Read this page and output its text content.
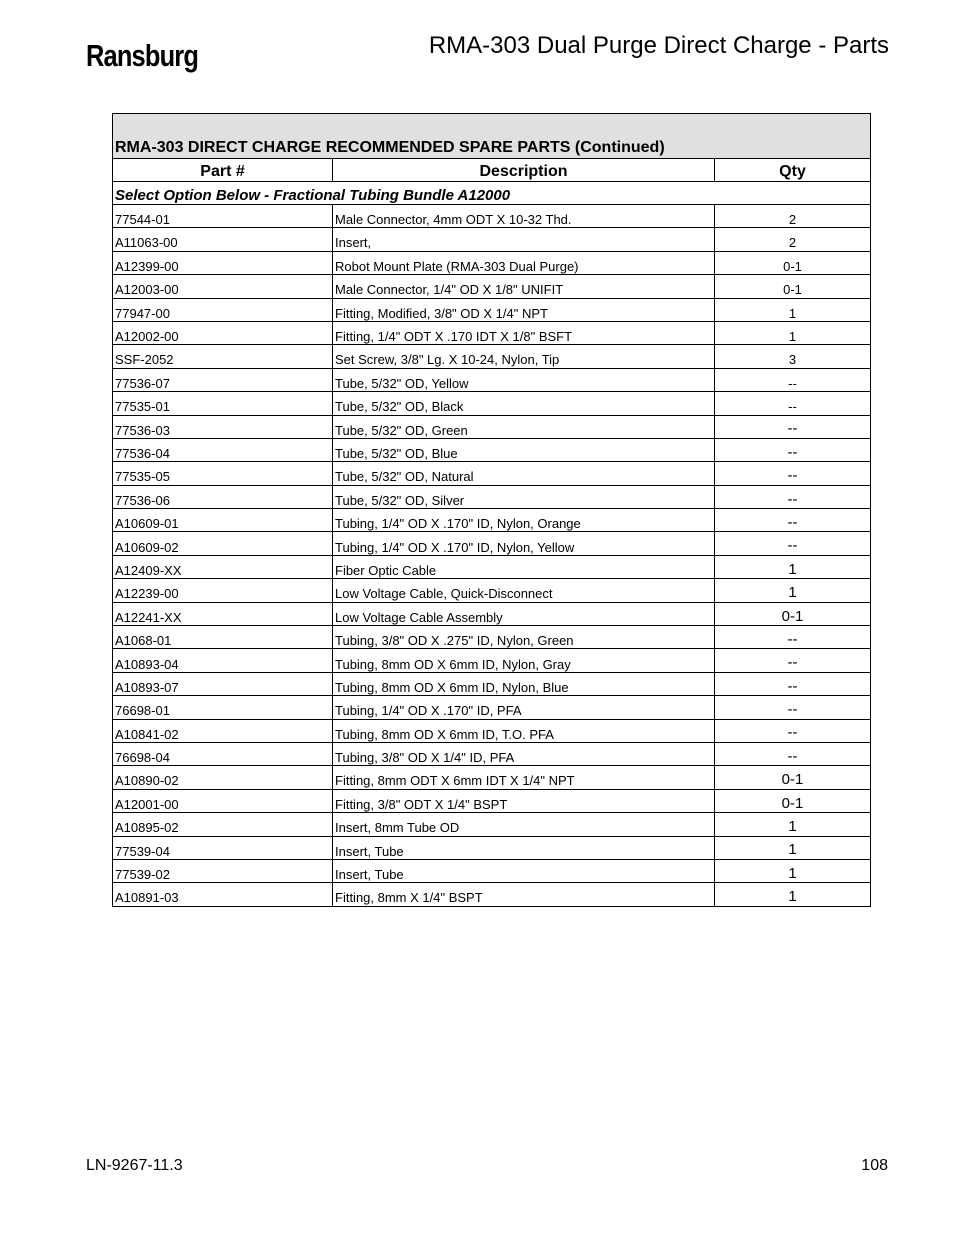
Ransburg	RMA-303 Dual Purge Direct Charge - Parts
RMA-303 DIRECT CHARGE RECOMMENDED SPARE PARTS (Continued)		
Part #	Description	Qty
Select Option Below - Fractional Tubing Bundle A12000		
77544-01	Male Connector, 4mm ODT X 10-32 Thd.	2
A11063-00	Insert,	2
A12399-00	Robot Mount Plate (RMA-303 Dual Purge)	0-1
A12003-00	Male Connector, 1/4" OD X 1/8" UNIFIT	0-1
77947-00	Fitting, Modified, 3/8" OD X 1/4" NPT	1
A12002-00	Fitting, 1/4" ODT X .170 IDT X 1/8" BSFT	1
SSF-2052	Set Screw, 3/8" Lg. X 10-24, Nylon, Tip	3
77536-07	Tube, 5/32" OD, Yellow	--
77535-01	Tube, 5/32" OD, Black	--
77536-03	Tube, 5/32" OD, Green	--
77536-04	Tube, 5/32" OD, Blue	--
77535-05	Tube, 5/32" OD, Natural	--
77536-06	Tube, 5/32" OD, Silver	--
A10609-01	Tubing, 1/4" OD X .170" ID, Nylon, Orange	--
A10609-02	Tubing, 1/4" OD X .170" ID, Nylon, Yellow	--
A12409-XX	Fiber Optic Cable	1
A12239-00	Low Voltage Cable, Quick-Disconnect	1
A12241-XX	Low Voltage Cable Assembly	0-1
A1068-01	Tubing, 3/8" OD X .275" ID, Nylon, Green	--
A10893-04	Tubing, 8mm OD X 6mm ID, Nylon, Gray	--
A10893-07	Tubing, 8mm OD X 6mm ID, Nylon, Blue	--
76698-01	Tubing, 1/4" OD X .170" ID, PFA	--
A10841-02	Tubing, 8mm OD X 6mm ID, T.O. PFA	--
76698-04	Tubing, 3/8" OD X 1/4" ID, PFA	--
A10890-02	Fitting, 8mm ODT X 6mm IDT X 1/4" NPT	0-1
A12001-00	Fitting, 3/8" ODT X 1/4" BSPT	0-1
A10895-02	Insert, 8mm Tube OD	1
77539-04	Insert, Tube	1
77539-02	Insert, Tube	1
A10891-03	Fitting, 8mm X 1/4" BSPT	1
LN-9267-11.3	108
